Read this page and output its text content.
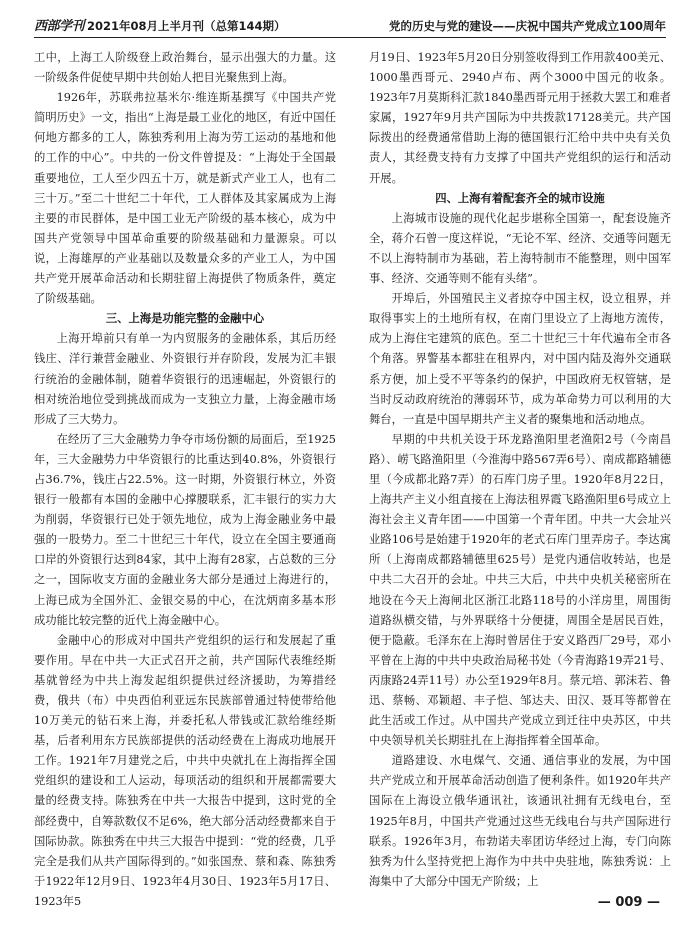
西部学刊 2021年08月上半月刊（总第144期）	党的历史与党的建设——庆祝中国共产党成立100周年

工中，上海工人阶级登上政治舞台，显示出强大的力量。这一阶级条件促使早期中共创始人把目光聚焦到上海。

1926年，苏联弗拉基米尔·维连斯基撰写《中国共产党简明历史》一文，指出“上海是最工业化的地区，有近中国任何地方都多的工人，陈独秀利用上海为劳工运动的基地和他的工作的中心”。中共的一份文件曾提及：“上海处于全国最重要地位，工人至少四五十万，就是新式产业工人，也有二三十万。”至二十世纪二十年代，工人群体及其家属成为上海主要的市民群体，是中国工业无产阶级的基本核心，成为中国共产党领导中国革命重要的阶级基础和力量源泉。可以说，上海雄厚的产业基础以及数量众多的产业工人，为中国共产党开展革命活动和长期驻留上海提供了物质条件，奠定了阶级基础。

三、上海是功能完整的金融中心

上海开埠前只有单一为内贸服务的金融体系，其后历经钱庄、洋行兼营金融业、外资银行并存阶段，发展为汇丰银行统治的金融体制，随着华资银行的迅速崛起，外资银行的相对统治地位受到挑战而成为一支独立力量，上海金融市场形成了三大势力。

在经历了三大金融势力争夺市场份额的局面后，至1925年，三大金融势力中华资银行的比重达到40.8%，外资银行占36.7%，钱庄占22.5%。这一时期，外资银行林立，外资银行一般都有本国的金融中心撑腰联系，汇丰银行的实力大为削弱，华资银行已处于领先地位，成为上海金融业务中最强的一股势力。至二十世纪三十年代，设立在全国主要通商口岸的外资银行达到84家，其中上海有28家，占总数的三分之一，国际收支方面的金融业务大部分是通过上海进行的，上海已成为全国外汇、金银交易的中心，在沈炳南多基本形成功能比较完整的近代上海金融中心。

金融中心的形成对中国共产党组织的运行和发展起了重要作用。早在中共一大正式召开之前，共产国际代表维经斯基就曾经为中共上海发起组织提供过经济援助，为筹措经费，俄共（布）中央西伯利亚远东民族部曾通过特使带给他10万美元的钻石来上海，并委托私人带钱或汇款给维经斯基，后者利用东方民族部提供的活动经费在上海成功地展开工作。1921年7月建党之后，中共中央就扎在上海指挥全国党组织的建设和工人运动，每项活动的组织和开展都需要大量的经费支持。陈独秀在中共一大报告中提到，这时党的全部经费中，自筹款数仅不足6%，绝大部分活动经费都来自于国际协款。陈独秀在中共三大报告中提到：“党的经费，几乎完全是我们从共产国际得到的。”如张国焘、蔡和森、陈独秀于1922年12月9日、1923年4月30日、1923年5月17日、1923年5

月19日、1923年5月20日分别签收得到工作用款400美元、1000墨西哥元、2940卢布、两个3000中国元的收条。1923年7月莫斯科汇款1840墨西哥元用于拯救大罢工和难者家属，1927年9月共产国际为中共拨款17128美元。共产国际拨出的经费通常借助上海的德国银行汇给中共中央有关负责人，其经费支持有力支撑了中国共产党组织的运行和活动开展。

四、上海有着配套齐全的城市设施

上海城市设施的现代化起步堪称全国第一，配套设施齐全，蒋介石曾一度这样说，“无论不军、经济、交通等问题无不以上海特制市为基础，若上海特制市不能整理，则中国军事、经济、交通等则不能有头绪”。

开埠后，外国殖民主义者掠夺中国主权，设立租界，并取得事实上的土地所有权，在南门里设立了上海地方流传，成为上海住宅建筑的底色。至二十世纪三十年代遍布全市各个角落。界警基本都驻在租界内，对中国内陆及海外交通联系方便，加上受不平等条约的保护，中国政府无权管辖，是当时反动政府统治的薄弱环节，成为革命势力可以利用的大舞台，一直是中国早期共产主义者的聚集地和活动地点。

早期的中共机关设于环龙路渔阳里老渔阳2号（今南昌路）、崂飞路渔阳里（今淮海中路567弄6号）、南成都路辅德里（今成都北路7弄）的石库门房子里。1920年8月22日，上海共产主义小组直接在上海法租界霞飞路渔阳里6号成立上海社会主义青年团——中国第一个青年团。中共一大会址兴业路106号是始建于1920年的老式石库门里弄房子。李达寓所（上海南成都路辅德里625号）是党内通信收转站，也是中共二大召开的会址。中共三大后，中共中央机关秘密所在地设在今天上海闸北区浙江北路118号的小洋房里，周围街道路纵横交错，与外界联络十分便捷，周围全是居民百姓，便于隐蔽。毛泽东在上海时曾居住于安义路西厂29号，邓小平曾在上海的中共中央政治局秘书处（今青海路19弄21号、丙康路24弄11号）办公至1929年8月。蔡元培、郭沫若、鲁迅、蔡畅、邓颖超、丰子恺、邹达夫、田汉、聂耳等都曾在此生活或工作过。从中国共产党成立到迁往中央苏区，中共中央领导机关长期驻扎在上海指挥着全国革命。

道路建设、水电煤气、交通、通信事业的发展，为中国共产党成立和开展革命活动创造了便利条件。如1920年共产国际在上海设立俄华通讯社，该通讯社拥有无线电台，至1925年8月，中国共产党通过这些无线电台与共产国际进行联系。1926年3月，布勃诺夫率团访华经过上海，专门向陈独秀为什么坚持党把上海作为中共中央驻地，陈独秀说：上海集中了大部分中国无产阶级；上

— 009 —
